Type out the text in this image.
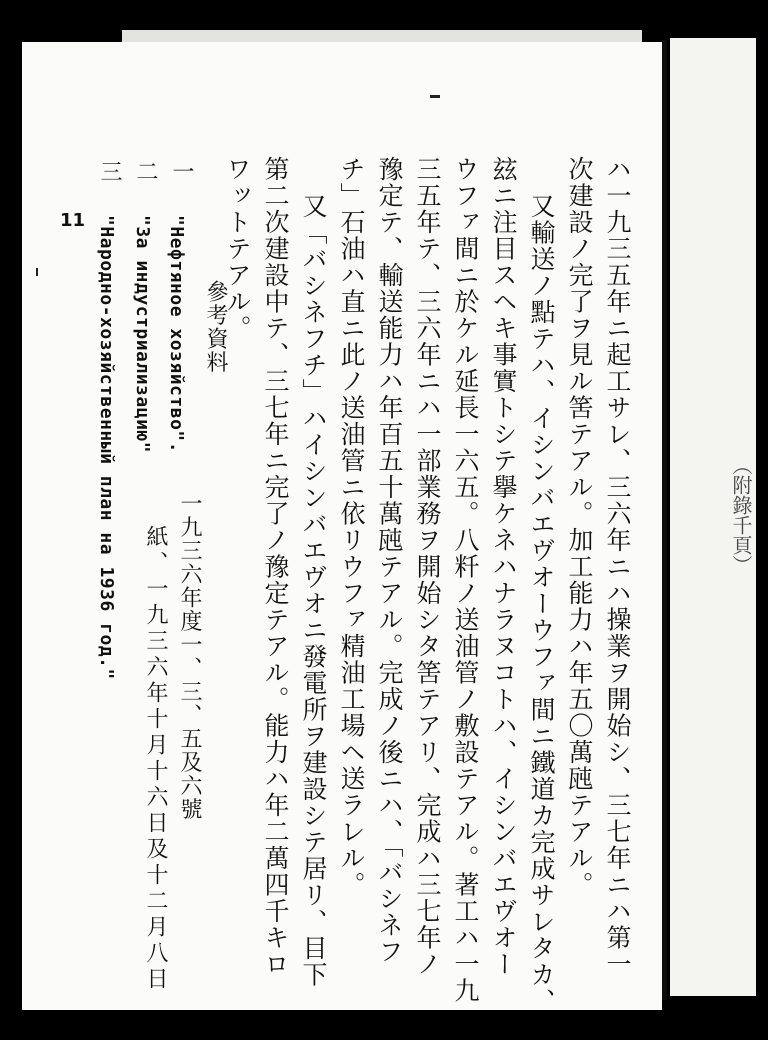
ハ一九三五年ニ起工サレ、三六年ニハ操業ヲ開始シ、三七年ニハ第一
次建設ノ完了ヲ見ル筈テアル。加工能力ハ年五〇萬瓲テアル。
又輸送ノ點テハ、イシンバエヴオーウファ間ニ鐵道カ完成サレタカ、
玆ニ注目スヘキ事實トシテ擧ケネハナラヌコトハ、イシンバエヴオー
ウファ間ニ於ケル延長一六五。八粁ノ送油管ノ敷設テアル。著工ハ一九
三五年テ、三六年ニハ一部業務ヲ開始シタ筈テアリ、完成ハ三七年ノ
豫定テ、輸送能力ハ年百五十萬瓲テアル。完成ノ後ニハ、「バシネフ
チ」石油ハ直ニ此ノ送油管ニ依リウファ精油工場ヘ送ラレル。
又「バシネフチ」ハイシンバエヴオニ發電所ヲ建設シテ居リ、目下
第二次建設中テ、三七年ニ完了ノ豫定テアル。能力ハ年二萬四千キロ
ワットテアル。
參考資料
一
二
三
"Нефтяное хозяйство".
"За индустриализацию"
"Народно-хозяйственный план на 1936 год."	一九三六年度一、三、五及六號
紙、一九三六年十月十六日及十二月八日
11
（附錄千頁）
